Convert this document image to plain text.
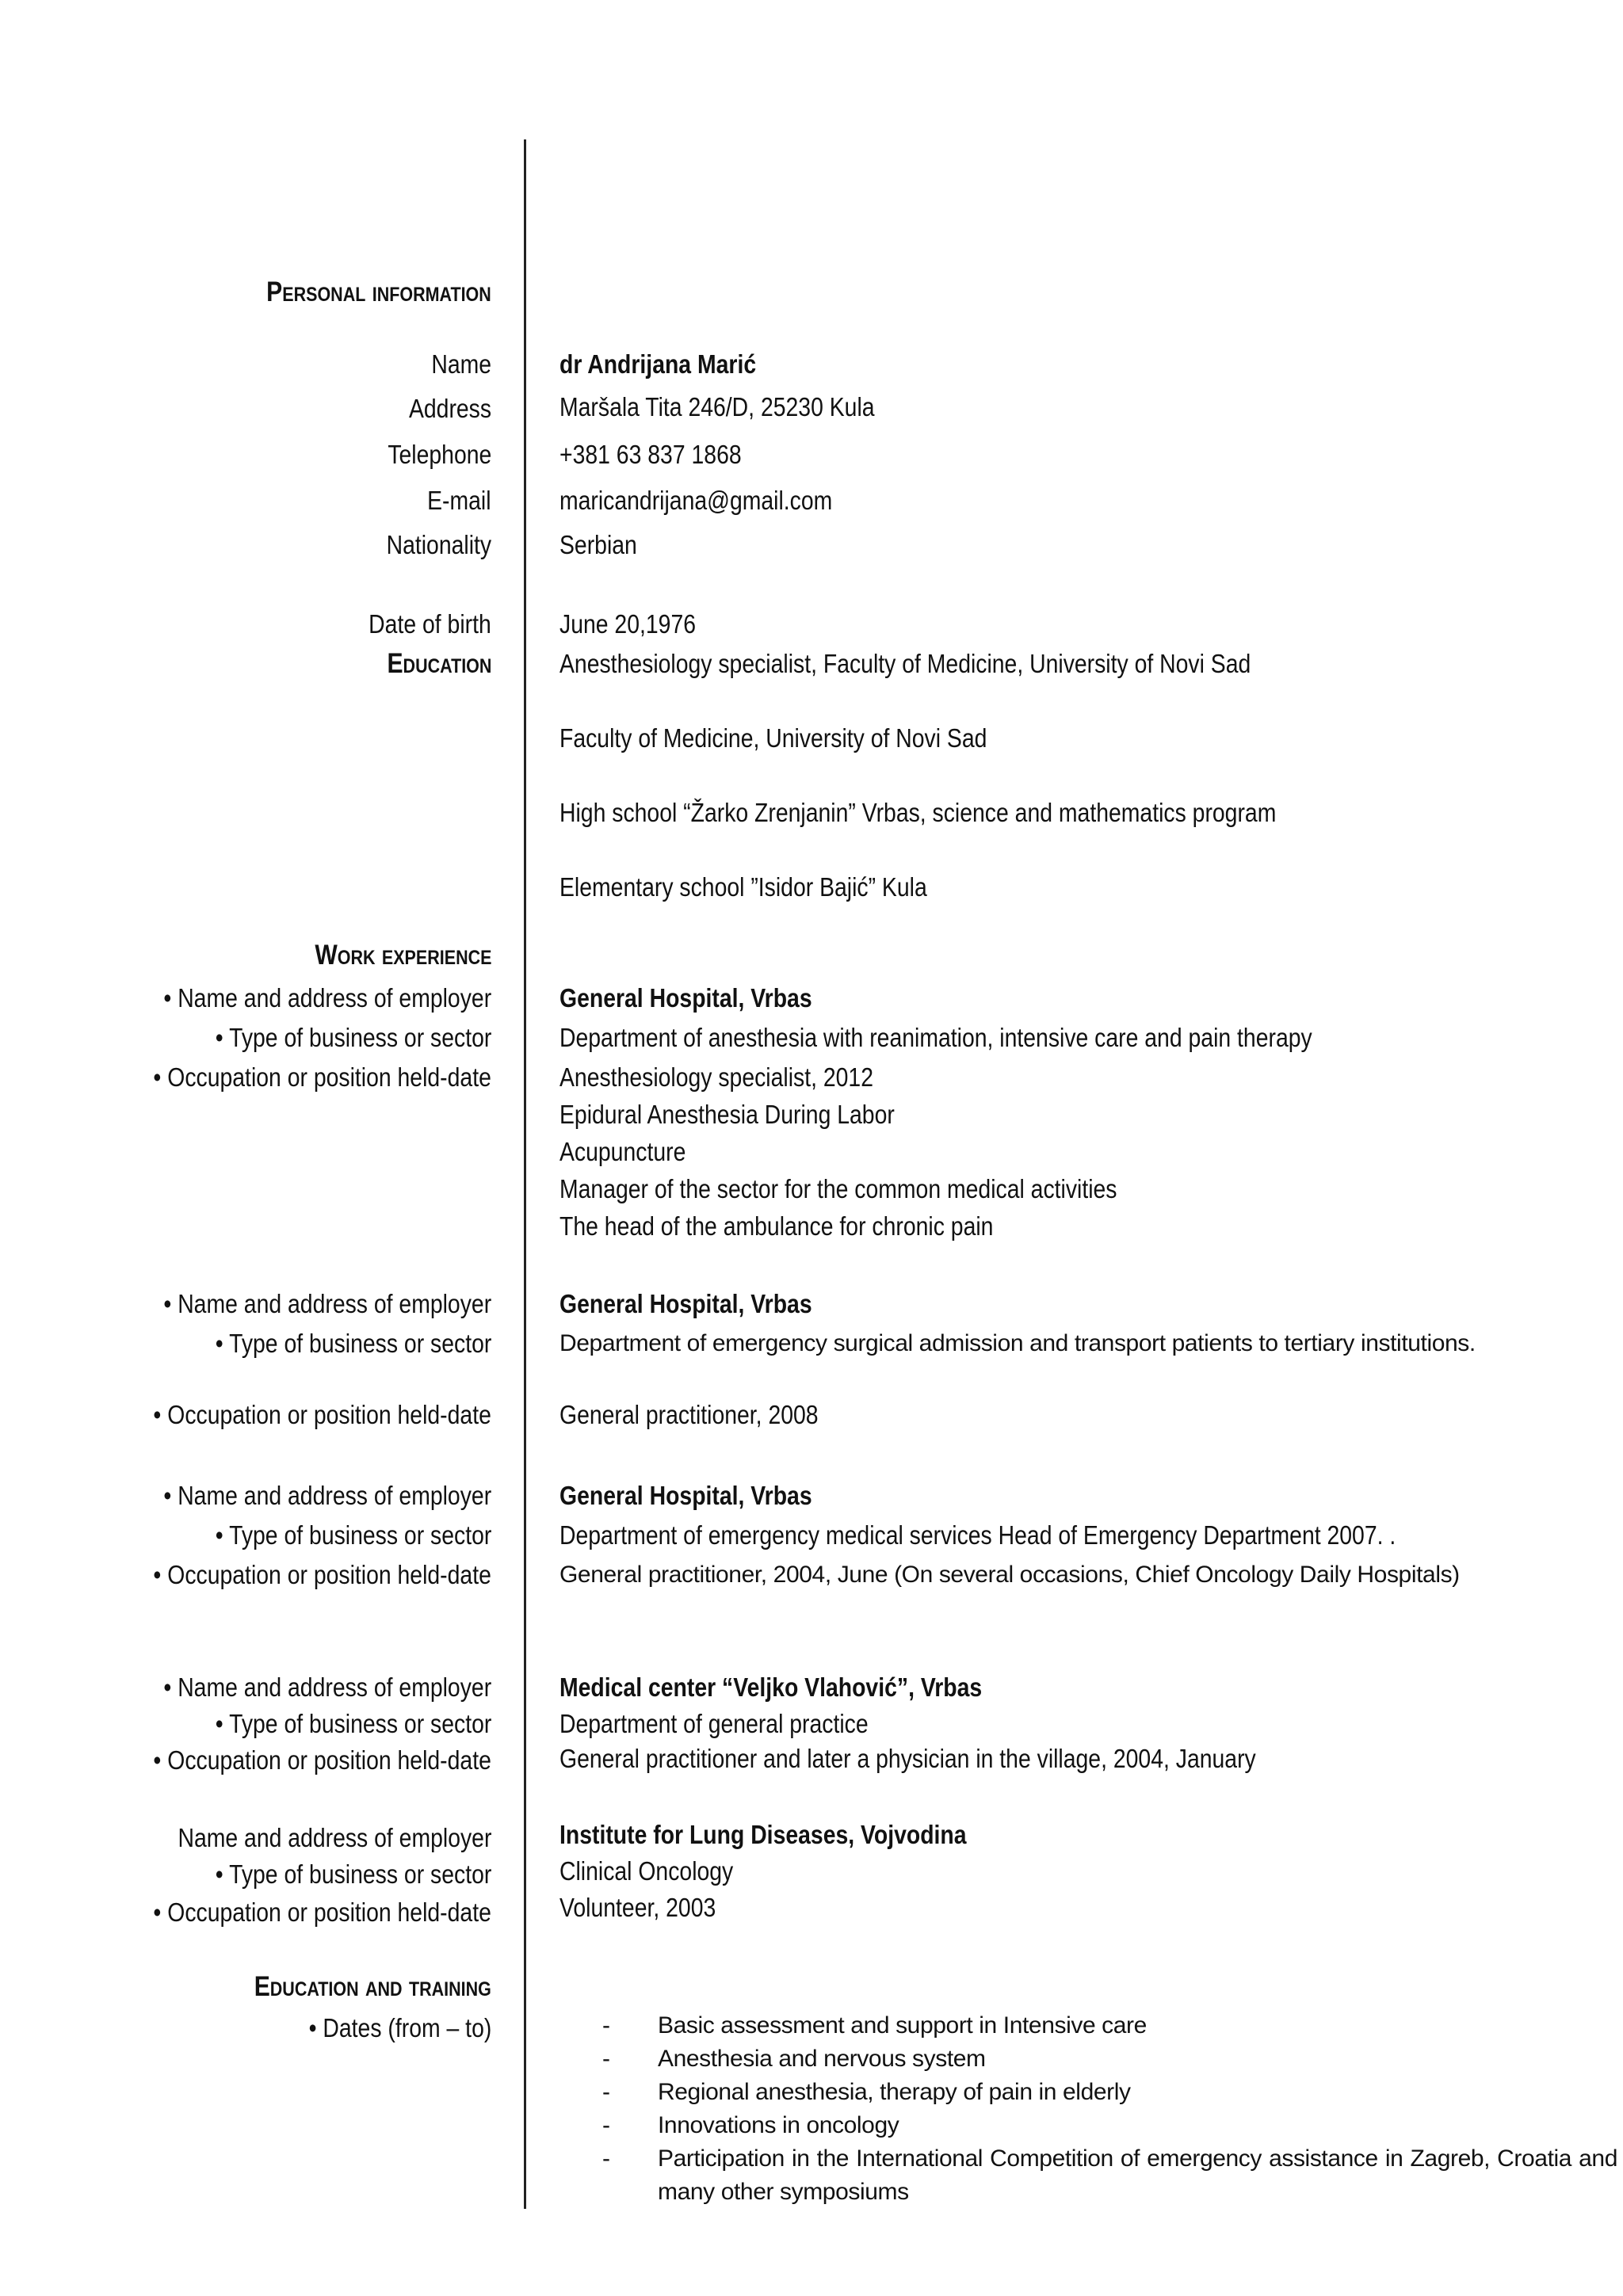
Personal information
Name	dr Andrijana Marić
Address	Maršala Tita 246/D, 25230 Kula
Telephone	+381 63 837 1868
E-mail	maricandrijana@gmail.com
Nationality	Serbian
Date of birth	June 20,1976
Education	Anesthesiology specialist, Faculty of Medicine, University of Novi Sad
Faculty of Medicine, University of Novi Sad
High school “Žarko Zrenjanin” Vrbas, science and mathematics program
Elementary school ”Isidor Bajić” Kula
Work experience
• Name and address of employer	General Hospital, Vrbas
• Type of business or sector	Department of anesthesia with reanimation, intensive care and pain therapy
• Occupation or position held-date	Anesthesiology specialist, 2012
Epidural Anesthesia During Labor
Acupuncture
Manager of the sector for the common medical activities
The head of the ambulance for chronic pain
• Name and address of employer	General Hospital, Vrbas
• Type of business or sector	Department of emergency surgical admission and transport patients to tertiary institutions.
• Occupation or position held-date	General practitioner, 2008
• Name and address of employer	General Hospital, Vrbas
• Type of business or sector	Department of emergency medical services Head of Emergency Department 2007. .
• Occupation or position held-date	General practitioner, 2004, June (On several occasions, Chief Oncology Daily Hospitals)
• Name and address of employer	Medical center “Veljko Vlahović”, Vrbas
• Type of business or sector	Department of general practice
• Occupation or position held-date	General practitioner and later a physician in the village, 2004, January
Name and address of employer	Institute for Lung Diseases, Vojvodina
• Type of business or sector	Clinical Oncology
• Occupation or position held-date	Volunteer, 2003
Education and training
• Dates (from – to)	- Basic assessment and support in Intensive care
- Anesthesia and nervous system
- Regional anesthesia, therapy of pain in elderly
- Innovations in oncology
- Participation in the International Competition of emergency assistance in Zagreb, Croatia and many other symposiums
